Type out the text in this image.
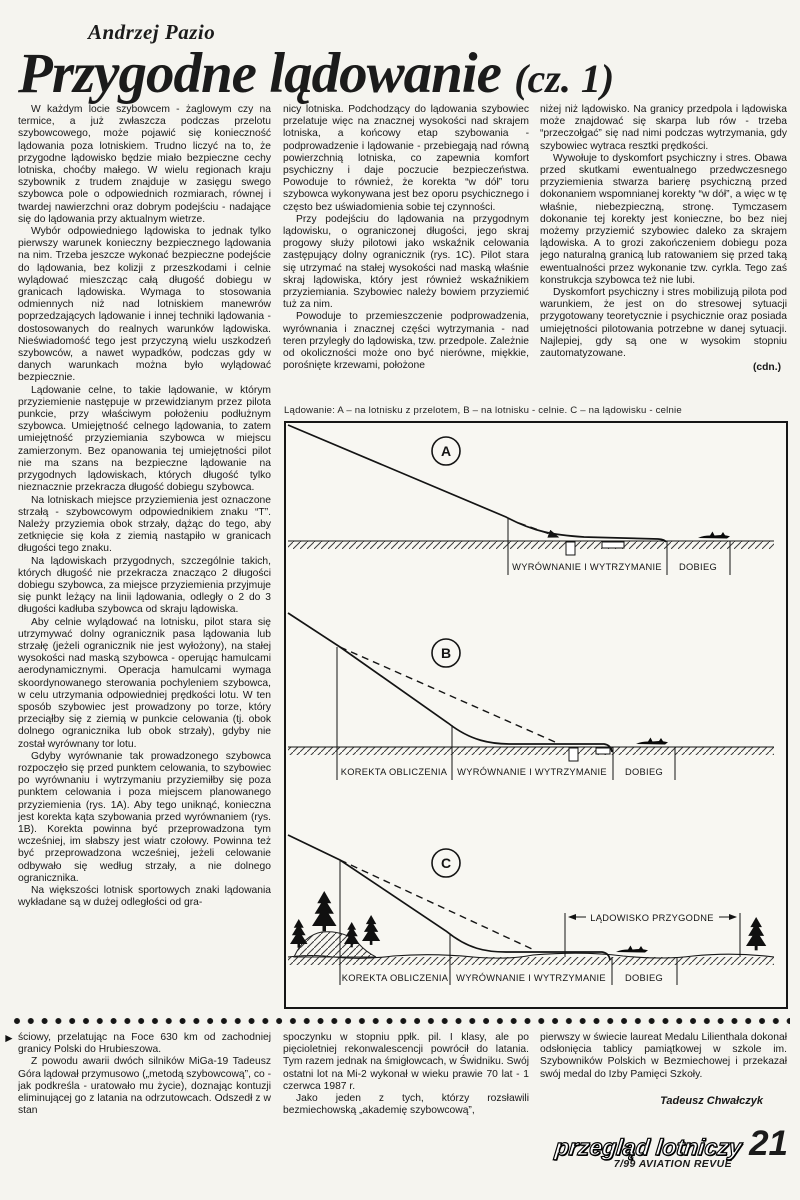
Andrzej Pazio
Przygodne lądowanie (cz. 1)

W każdym locie szybowcem - żaglowym czy na termice, a już zwłaszcza podczas przelotu szybowcowego, może pojawić się konieczność lądowania poza lotniskiem. Trudno liczyć na to, że przygodne lądowisko będzie miało bezpieczne cechy lotniska, choćby małego. W wielu regionach kraju szybownik z trudem znajduje w zasięgu swego szybowca pole o odpowiednich rozmiarach, równej i twardej nawierzchni oraz dobrym podejściu - nadające się do lądowania przy aktualnym wietrze.

Wybór odpowiedniego lądowiska to jednak tylko pierwszy warunek konieczny bezpiecznego lądowania na nim. Trzeba jeszcze wykonać bezpieczne podejście do lądowania, bez kolizji z przeszkodami i celnie wylądować mieszcząc całą długość dobiegu w granicach lądowiska. Wymaga to stosowania odmiennych niż nad lotniskiem manewrów poprzedzających lądowanie i innej techniki lądowania - dostosowanych do realnych warunków lądowiska. Nieświadomość tego jest przyczyną wielu uszkodzeń szybowców, a nawet wypadków, podczas gdy w danych warunkach można było wylądować bezpiecznie.

Lądowanie celne, to takie lądowanie, w którym przyziemienie następuje w przewidzianym przez pilota punkcie, przy właściwym położeniu podłużnym szybowca. Umiejętność celnego lądowania, to zatem umiejętność przyziemiania szybowca w miejscu zamierzonym. Bez opanowania tej umiejętności pilot nie ma szans na bezpieczne lądowanie na przygodnych lądowiskach, których długość tylko nieznacznie przekracza długość dobiegu szybowca.

Na lotniskach miejsce przyziemienia jest oznaczone strzałą - szybowcowym odpowiednikiem znaku “T”. Należy przyziemia obok strzały, dążąc do tego, aby zetknięcie się koła z ziemią nastąpiło w granicach długości tego znaku.

Na lądowiskach przygodnych, szczególnie takich, których długość nie przekracza znacząco 2 długości dobiegu szybowca, za miejsce przyziemienia przyjmuje się punkt leżący na linii lądowania, odległy o 2 do 3 długości kadłuba szybowca od skraju lądowiska.

Aby celnie wylądować na lotnisku, pilot stara się utrzymywać dolny ogranicznik pasa lądowania lub strzałę (jeżeli ogranicznik nie jest wyłożony), na stałej wysokości nad maską szybowca - operując hamulcami aerodynamicznymi. Operacja hamulcami wymaga skoordynowanego sterowania pochyleniem szybowca, w celu utrzymania odpowiedniej prędkości lotu. W ten sposób szybowiec jest prowadzony po torze, który przeciąłby się z ziemią w punkcie celowania (tj. obok dolnego ogranicznika lub obok strzały), gdyby nie został wyrównany tor lotu.

Gdyby wyrównanie tak prowadzonego szybowca rozpoczęło się przed punktem celowania, to szybowiec po wyrównaniu i wytrzymaniu przyziemiłby się poza punktem celowania i poza miejscem planowanego przyziemienia (rys. 1A). Aby tego uniknąć, konieczna jest korekta kąta szybowania przed wyrównaniem (rys. 1B). Korekta powinna być przeprowadzona tym wcześniej, im słabszy jest wiatr czołowy. Powinna też być przeprowadzona wcześniej, jeżeli celowanie odbywało się według strzały, a nie dolnego ogranicznika.

Na większości lotnisk sportowych znaki lądowania wykładane są w dużej odległości od gra-

nicy lotniska. Podchodzący do lądowania szybowiec przelatuje więc na znacznej wysokości nad skrajem lotniska, a końcowy etap szybowania - podprowadzenie i lądowanie - przebiegają nad równą powierzchnią lotniska, co zapewnia komfort psychiczny i daje poczucie bezpieczeństwa. Powoduje to również, że korekta “w dół” toru szybowca wykonywana jest bez oporu psychicznego i często bez uświadomienia sobie tej czynności.

Przy podejściu do lądowania na przygodnym lądowisku, o ograniczonej długości, jego skraj progowy służy pilotowi jako wskaźnik celowania zastępujący dolny ogranicznik (rys. 1C). Pilot stara się utrzymać na stałej wysokości nad maską właśnie skraj lądowiska, który jest również wskaźnikiem przyziemiania. Szybowiec należy bowiem przyziemić tuż za nim.

Powoduje to przemieszczenie podprowadzenia, wyrównania i znacznej części wytrzymania - nad teren przyległy do lądowiska, tzw. przedpole. Zależnie od okoliczności może ono być nierówne, miękkie, porośnięte krzewami, położone

niżej niż lądowisko. Na granicy przedpola i lądowiska może znajdować się skarpa lub rów - trzeba “przeczołgać” się nad nimi podczas wytrzymania, gdy szybowiec wytraca resztki prędkości.

Wywołuje to dyskomfort psychiczny i stres. Obawa przed skutkami ewentualnego przedwczesnego przyziemienia stwarza barierę psychiczną przed dokonaniem wspomnianej korekty “w dół”, a więc w tę właśnie, niebezpieczną, stronę. Tymczasem dokonanie tej korekty jest konieczne, bo bez niej możemy przyziemić szybowiec daleko za skrajem lądowiska. A to grozi zakończeniem dobiegu poza jego naturalną granicą lub ratowaniem się przed taką ewentualności przez wykonanie tzw. cyrkla. Tego zaś konstrukcja szybowca też nie lubi.

Dyskomfort psychiczny i stres mobilizują pilota pod warunkiem, że jest on do stresowej sytuacji przygotowany teoretycznie i psychicznie oraz posiada umiejętności pilotowania potrzebne w danej sytuacji. Najlepiej, gdy są one w wysokim stopniu zautomatyzowane.

(cdn.)
Lądowanie: A – na lotnisku z przelotem, B – na lotnisku - celnie. C – na lądowisku - celnie
A
WYRÓWNANIE I WYTRZYMANIE DOBIEG
B
KOREKTA OBLICZENIA WYRÓWNANIE I WYTRZYMANIE DOBIEG
C
LĄDOWISKO PRZYGODNE
KOREKTA OBLICZENIA WYRÓWNANIE I WYTRZYMANIE DOBIEG
► ściowy, przelatując na Foce 630 km od zachodniej granicy Polski do Hrubieszowa.

Z powodu awarii dwóch silników MiGa-19 Tadeusz Góra lądował przymusowo („metodą szybowcową”, co - jak podkreśla - uratowało mu życie), doznając kontuzji eliminującej go z latania na odrzutowcach. Odszedł z w stan

spoczynku w stopniu ppłk. pil. I klasy, ale po pięcioletniej rekonwalescencji powrócił do latania. Tym razem jednak na śmigłowcach, w Świdniku. Swój ostatni lot na Mi-2 wykonał w wieku prawie 70 lat - 1 czerwca 1987 r.

Jako jeden z tych, którzy rozsławili bezmiechowską „akademię szybowcową”,

pierwszy w świecie laureat Medalu Lilienthala dokonał odsłonięcia tablicy pamiątkowej w szkole im. Szybowników Polskich w Bezmiechowej i przekazał swój medal do Izby Pamięci Szkoły.

Tadeusz Chwałczyk
przegląd lotniczy 21
7/99 AVIATION REVUE
